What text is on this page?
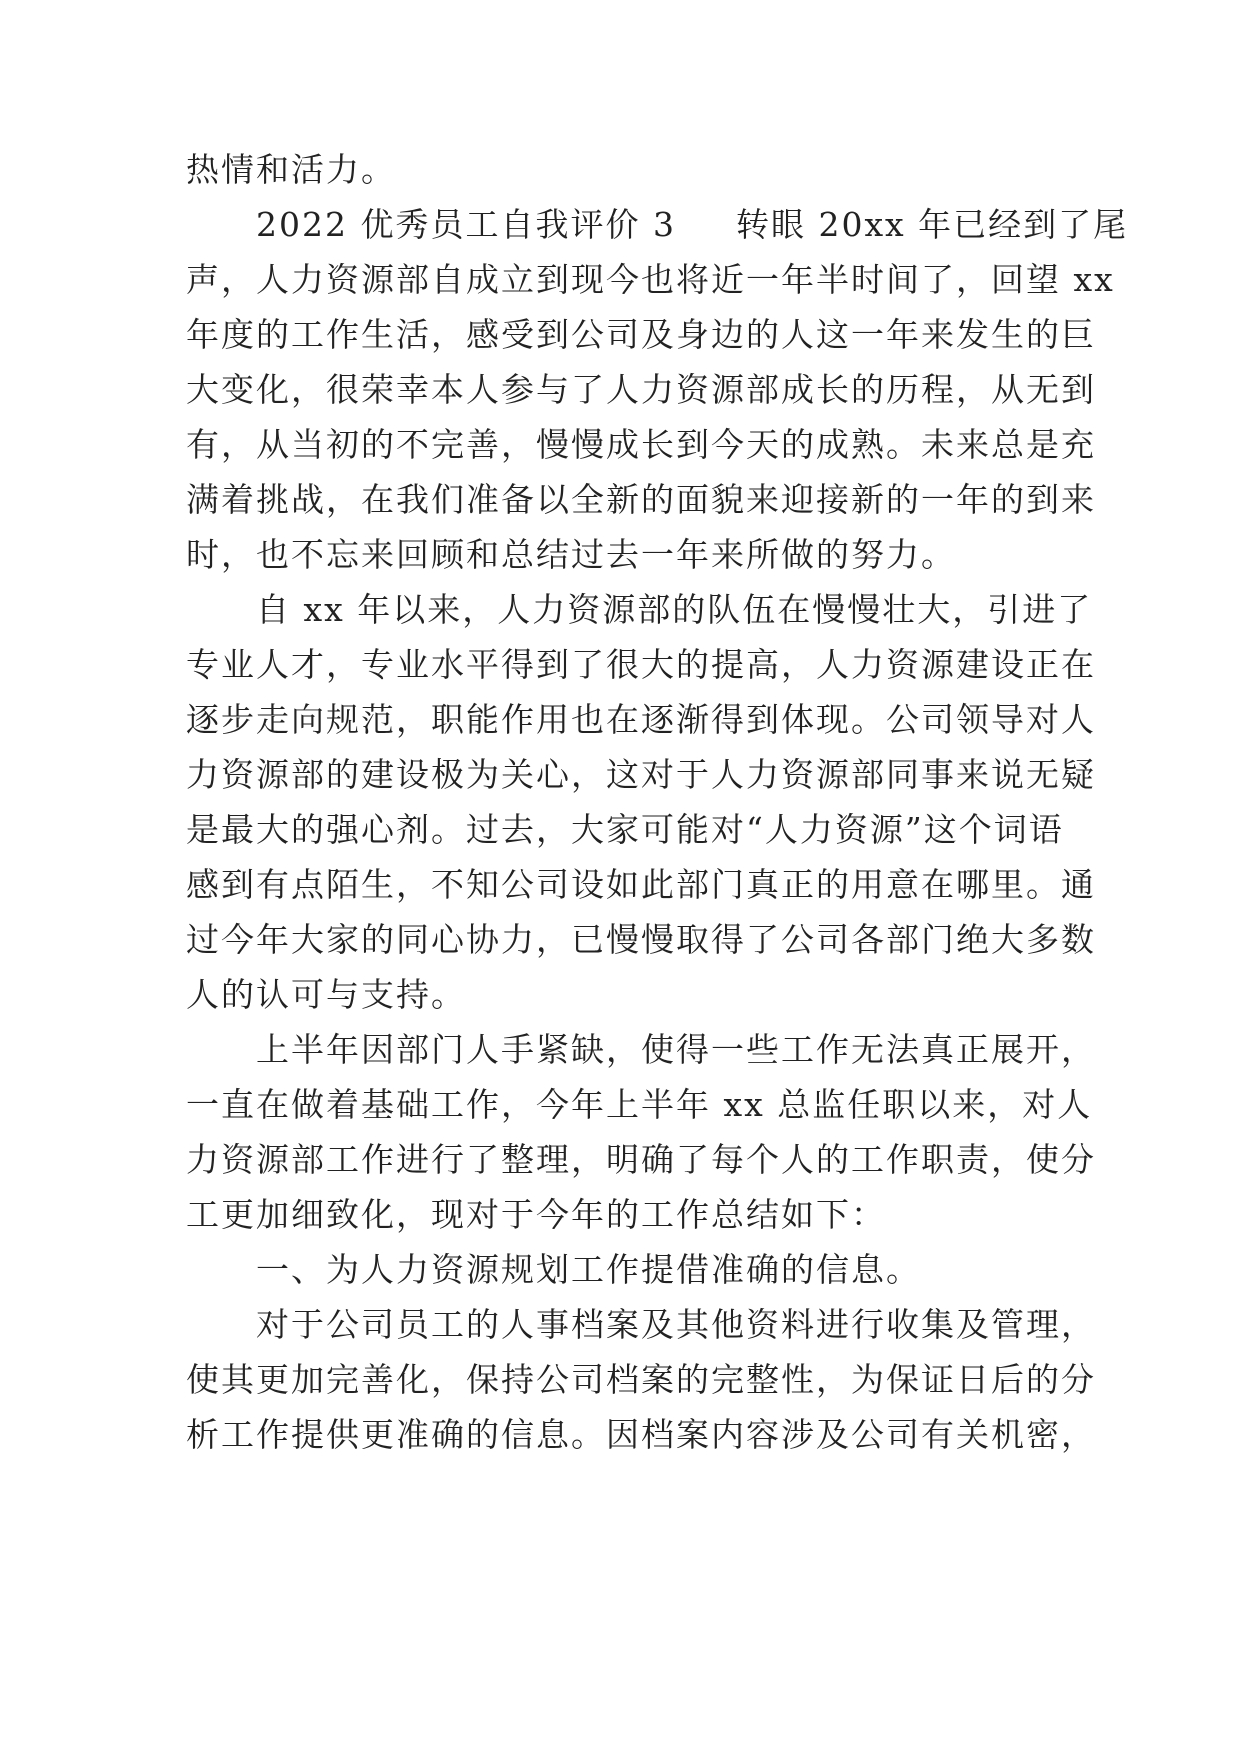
热情和活力。
2022 优秀员工自我评价 3 转眼 20xx 年已经到了尾
声，人力资源部自成立到现今也将近一年半时间了，回望 xx
年度的工作生活，感受到公司及身边的人这一年来发生的巨
大变化，很荣幸本人参与了人力资源部成长的历程，从无到
有，从当初的不完善，慢慢成长到今天的成熟。未来总是充
满着挑战，在我们准备以全新的面貌来迎接新的一年的到来
时，也不忘来回顾和总结过去一年来所做的努力。
自 xx 年以来，人力资源部的队伍在慢慢壮大，引进了
专业人才，专业水平得到了很大的提高，人力资源建设正在
逐步走向规范，职能作用也在逐渐得到体现。公司领导对人
力资源部的建设极为关心，这对于人力资源部同事来说无疑
是最大的强心剂。过去，大家可能对“人力资源”这个词语
感到有点陌生，不知公司设如此部门真正的用意在哪里。通
过今年大家的同心协力，已慢慢取得了公司各部门绝大多数
人的认可与支持。
上半年因部门人手紧缺，使得一些工作无法真正展开，
一直在做着基础工作，今年上半年 xx 总监任职以来，对人
力资源部工作进行了整理，明确了每个人的工作职责，使分
工更加细致化，现对于今年的工作总结如下：
一、为人力资源规划工作提借准确的信息。
对于公司员工的人事档案及其他资料进行收集及管理，
使其更加完善化，保持公司档案的完整性，为保证日后的分
析工作提供更准确的信息。因档案内容涉及公司有关机密，
